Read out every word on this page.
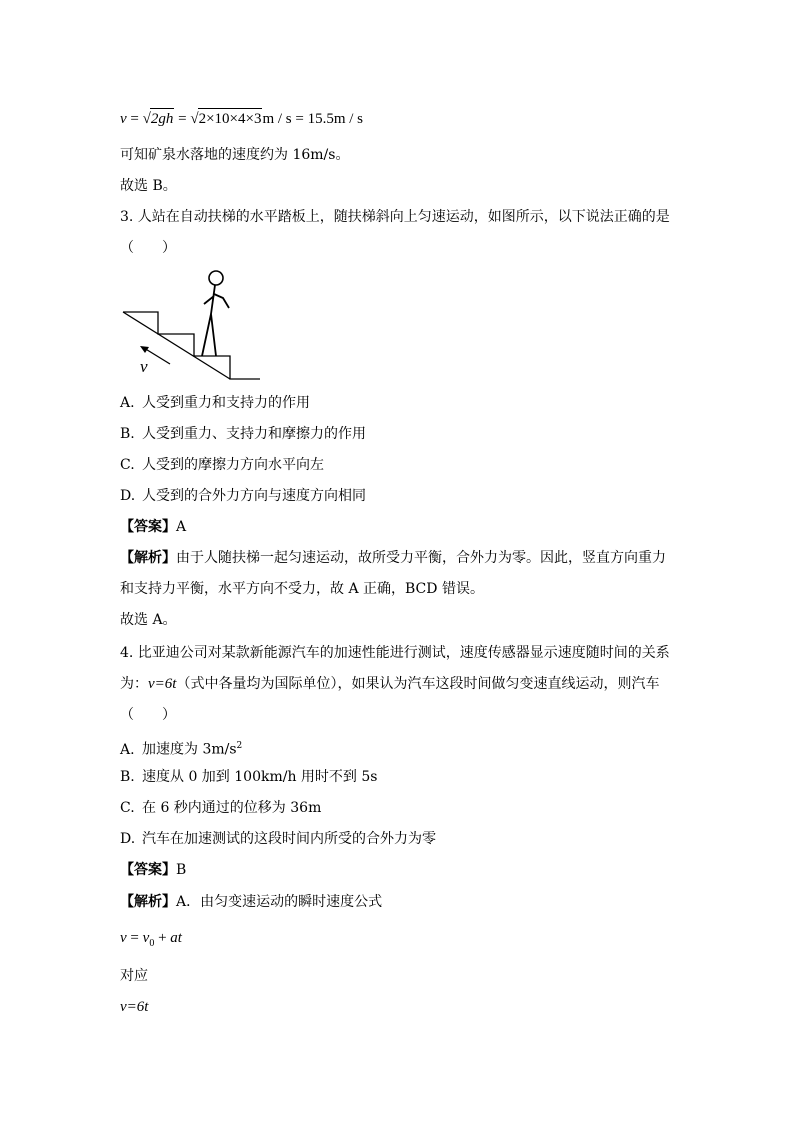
v = √2gh = √2×10×4×3m / s = 15.5m / s
可知矿泉水落地的速度约为 16m/s。
故选 B。
3. 人站在自动扶梯的水平踏板上，随扶梯斜向上匀速运动，如图所示，以下说法正确的是
（　　）
v
A. 人受到重力和支持力的作用
B. 人受到重力、支持力和摩擦力的作用
C. 人受到的摩擦力方向水平向左
D. 人受到的合外力方向与速度方向相同
【答案】A
【解析】由于人随扶梯一起匀速运动，故所受力平衡，合外力为零。因此，竖直方向重力
和支持力平衡，水平方向不受力，故 A 正确，BCD 错误。
故选 A。
4. 比亚迪公司对某款新能源汽车的加速性能进行测试，速度传感器显示速度随时间的关系
为：v=6t（式中各量均为国际单位），如果认为汽车这段时间做匀变速直线运动，则汽车
（　　）
A. 加速度为 $3m/s^2$
B. 速度从 0 加到 100km/h 用时不到 5s
C. 在 6 秒内通过的位移为 36m
D. 汽车在加速测试的这段时间内所受的合外力为零
【答案】B
【解析】A．由匀变速运动的瞬时速度公式
$v = v_0$ + at
对应
v=6t
